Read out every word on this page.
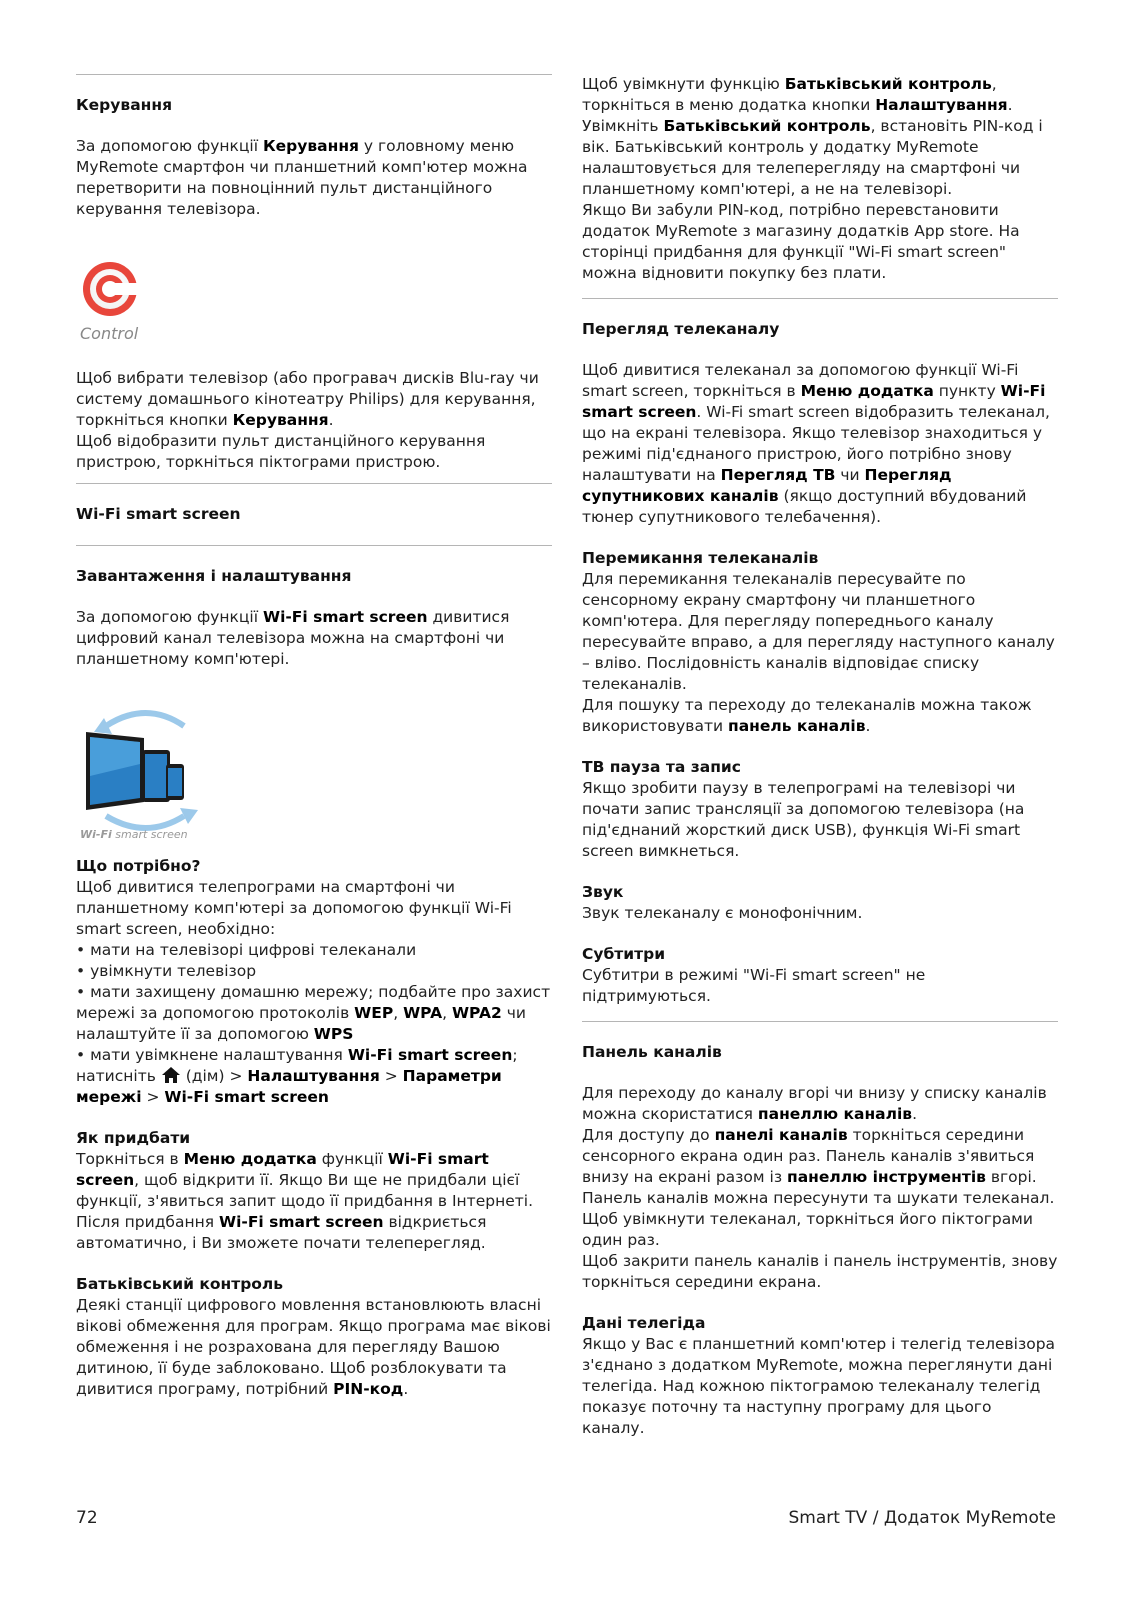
Керування
За допомогою функції Керування у головному меню MyRemote смартфон чи планшетний комп'ютер можна перетворити на повноцінний пульт дистанційного керування телевізора.
Control
Щоб вибрати телевізор (або програвач дисків Blu-ray чи систему домашнього кінотеатру Philips) для керування, торкніться кнопки Керування.
Щоб відобразити пульт дистанційного керування пристрою, торкніться піктограми пристрою.
Wi-Fi smart screen
Завантаження і налаштування
За допомогою функції Wi-Fi smart screen дивитися цифровий канал телевізора можна на смартфоні чи планшетному комп'ютері.
Wi-Fi smart screen
Що потрібно?
Щоб дивитися телепрограми на смартфоні чи планшетному комп'ютері за допомогою функції Wi-Fi smart screen, необхідно:
• мати на телевізорі цифрові телеканали
• увімкнути телевізор
• мати захищену домашню мережу; подбайте про захист мережі за допомогою протоколів WEP, WPA, WPA2 чи налаштуйте її за допомогою WPS
• мати увімкнене налаштування Wi-Fi smart screen; натисніть  (дім) > Налаштування > Параметри мережі > Wi-Fi smart screen
Як придбати
Торкніться в Меню додатка функції Wi-Fi smart screen, щоб відкрити її. Якщо Ви ще не придбали цієї функції, з'явиться запит щодо її придбання в Інтернеті. Після придбання Wi-Fi smart screen відкриється автоматично, і Ви зможете почати телеперегляд.
Батьківський контроль
Деякі станції цифрового мовлення встановлюють власні вікові обмеження для програм. Якщо програма має вікові обмеження і не розрахована для перегляду Вашою дитиною, її буде заблоковано. Щоб розблокувати та дивитися програму, потрібний PIN-код.
Щоб увімкнути функцію Батьківський контроль, торкніться в меню додатка кнопки Налаштування. Увімкніть Батьківський контроль, встановіть PIN-код і вік. Батьківський контроль у додатку MyRemote налаштовується для телеперегляду на смартфоні чи планшетному комп'ютері, а не на телевізорі.
Якщо Ви забули PIN-код, потрібно перевстановити додаток MyRemote з магазину додатків App store. На сторінці придбання для функції "Wi-Fi smart screen" можна відновити покупку без плати.
Перегляд телеканалу
Щоб дивитися телеканал за допомогою функції Wi-Fi smart screen, торкніться в Меню додатка пункту Wi-Fi smart screen. Wi-Fi smart screen відобразить телеканал, що на екрані телевізора. Якщо телевізор знаходиться у режимі під'єднаного пристрою, його потрібно знову налаштувати на Перегляд ТВ чи Перегляд супутникових каналів (якщо доступний вбудований тюнер супутникового телебачення).
Перемикання телеканалів
Для перемикання телеканалів пересувайте по сенсорному екрану смартфону чи планшетного комп'ютера. Для перегляду попереднього каналу пересувайте вправо, а для перегляду наступного каналу – вліво. Послідовність каналів відповідає списку телеканалів.
Для пошуку та переходу до телеканалів можна також використовувати панель каналів.
ТВ пауза та запис
Якщо зробити паузу в телепрограмі на телевізорі чи почати запис трансляції за допомогою телевізора (на під'єднаний жорсткий диск USB), функція Wi-Fi smart screen вимкнеться.
Звук
Звук телеканалу є монофонічним.
Субтитри
Субтитри в режимі "Wi-Fi smart screen" не підтримуються.
Панель каналів
Для переходу до каналу вгорі чи внизу у списку каналів можна скористатися панеллю каналів.
Для доступу до панелі каналів торкніться середини сенсорного екрана один раз. Панель каналів з'явиться внизу на екрані разом із панеллю інструментів вгорі. Панель каналів можна пересунути та шукати телеканал.
Щоб увімкнути телеканал, торкніться його піктограми один раз.
Щоб закрити панель каналів і панель інструментів, знову торкніться середини екрана.
Дані телегіда
Якщо у Вас є планшетний комп'ютер і телегід телевізора з'єднано з додатком MyRemote, можна переглянути дані телегіда. Над кожною піктограмою телеканалу телегід показує поточну та наступну програму для цього каналу.
72	Smart TV / Додаток MyRemote
